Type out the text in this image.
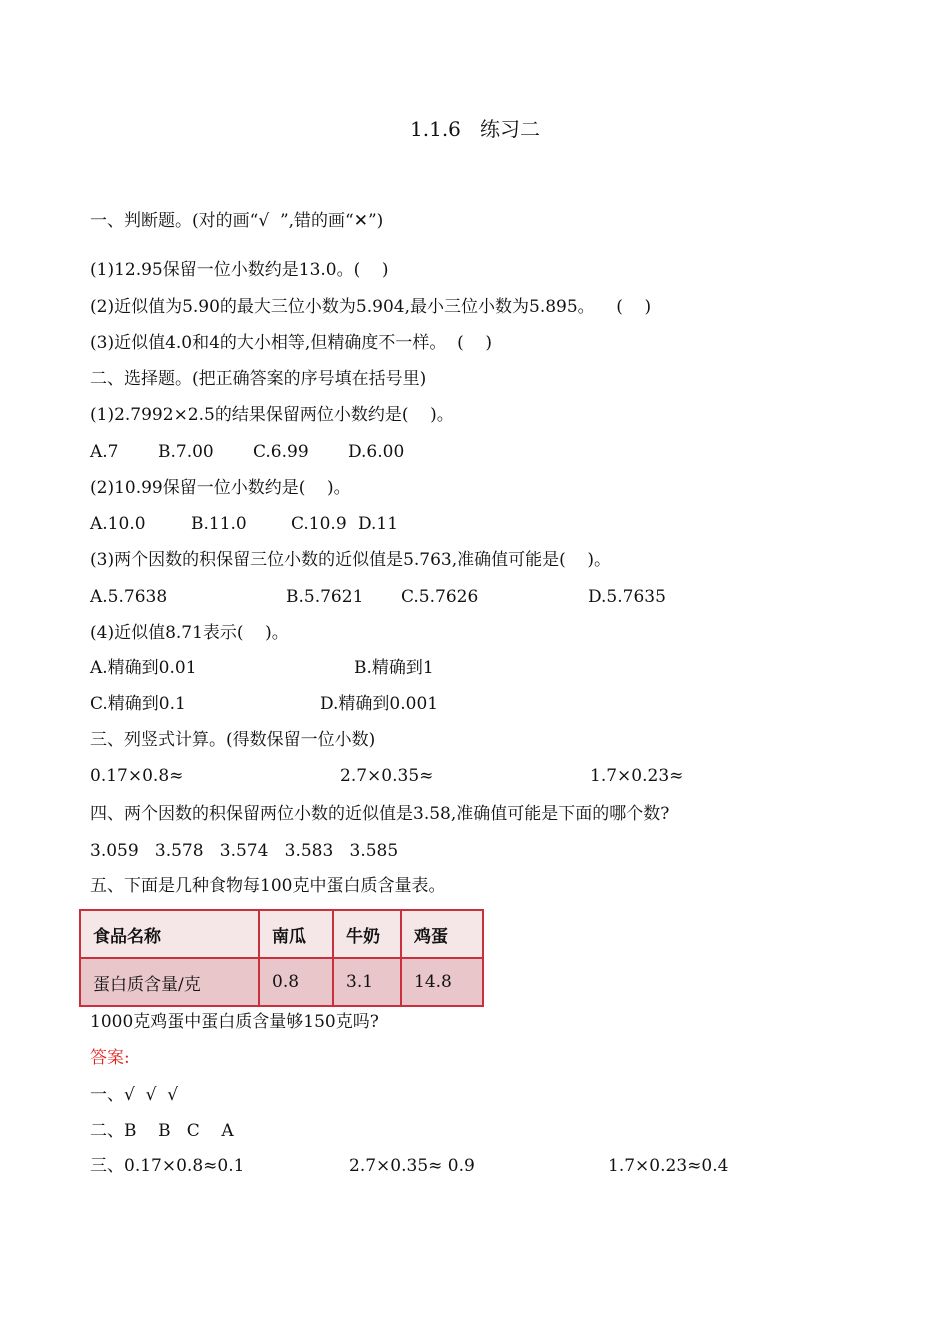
1.1.6   练习二
一、判断题。(对的画“√  ”,错的画“✕”)
(1)12.95保留一位小数约是13.0。(    )
(2)近似值为5.90的最大三位小数为5.904,最小三位小数为5.895。    (    )
(3)近似值4.0和4的大小相等,但精确度不一样。  (    )
二、选择题。(把正确答案的序号填在括号里)
(1)2.7992×2.5的结果保留两位小数约是(    )。
A.7 B.7.00 C.6.99 D.6.00
(2)10.99保留一位小数约是(    )。
A.10.0	B.11.0	C.10.9 D.11
(3)两个因数的积保留三位小数的近似值是5.763,准确值可能是(    )。
A.5.7638	B.5.7621 C.5.7626	D.5.7635
(4)近似值8.71表示(    )。
A.精确到0.01	B.精确到1
C.精确到0.1	D.精确到0.001
三、列竖式计算。(得数保留一位小数)
0.17×0.8≈	2.7×0.35≈	1.7×0.23≈
四、两个因数的积保留两位小数的近似值是3.58,准确值可能是下面的哪个数?
3.059   3.578   3.574   3.583   3.585
五、下面是几种食物每100克中蛋白质含量表。
食品名称	南瓜	牛奶	鸡蛋
蛋白质含量/克	0.8	3.1	14.8
1000克鸡蛋中蛋白质含量够150克吗?
答案:
一、√  √  √
二、B    B   C    A
三、0.17×0.8≈0.1	2.7×0.35≈ 0.9	1.7×0.23≈0.4
